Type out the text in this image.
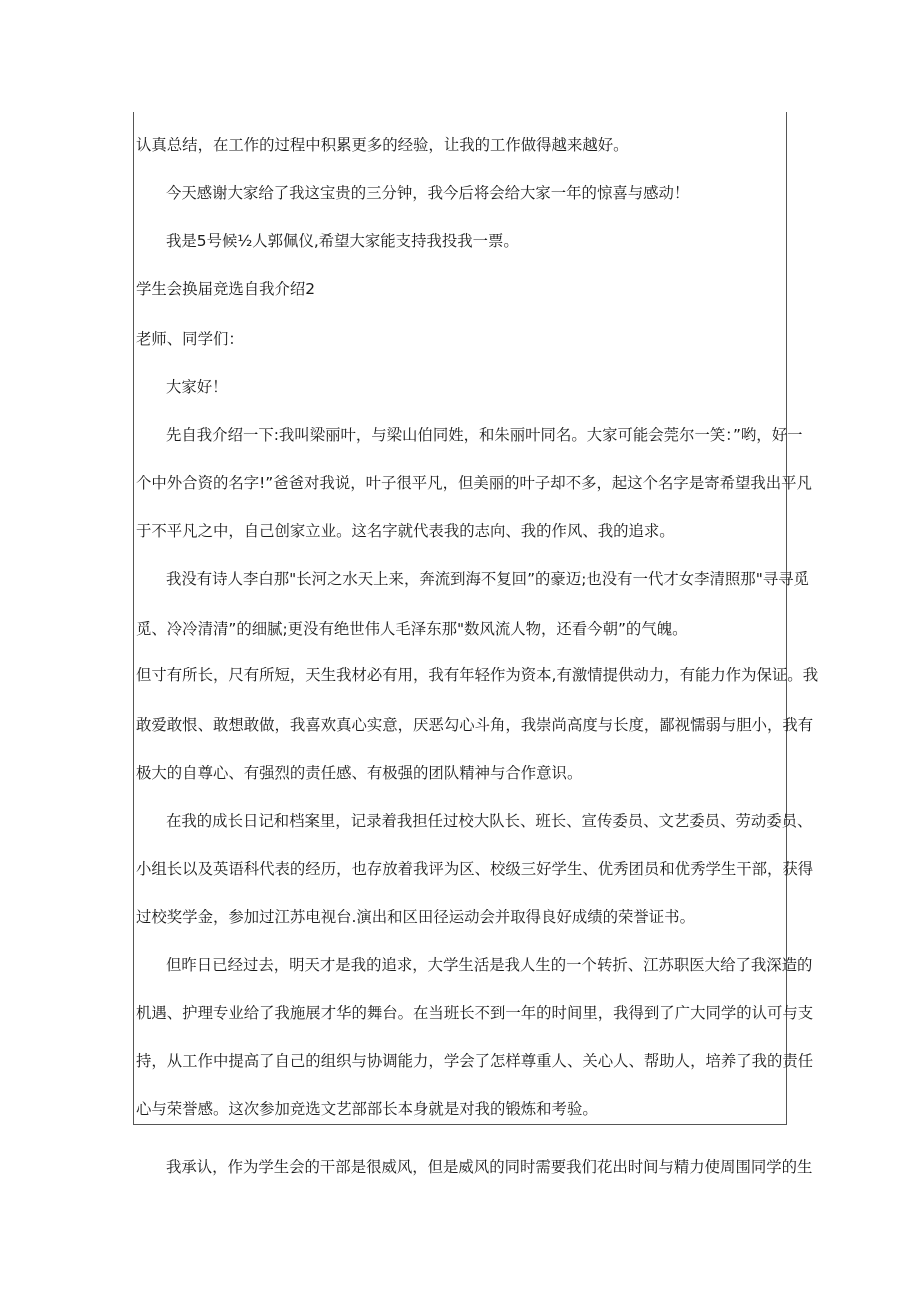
认真总结，在工作的过程中积累更多的经验，让我的工作做得越来越好。
今天感谢大家给了我这宝贵的三分钟，我今后将会给大家一年的惊喜与感动！
我是5号候½人郭佩仪,希望大家能支持我投我一票。
学生会换届竞选自我介绍2
老师、同学们：
大家好！
先自我介绍一下:我叫梁丽叶，与梁山伯同姓，和朱丽叶同名。大家可能会莞尔一笑：”哟，好一
个中外合资的名字!”爸爸对我说，叶子很平凡，但美丽的叶子却不多，起这个名字是寄希望我出平凡
于不平凡之中，自己创家立业。这名字就代表我的志向、我的作风、我的追求。
我没有诗人李白那"长河之水天上来，奔流到海不复回”的豪迈;也没有一代才女李清照那"寻寻觅
觅、冷冷清清”的细腻;更没有绝世伟人毛泽东那"数风流人物，还看今朝”的气魄。
但寸有所长，尺有所短，天生我材必有用，我有年轻作为资本,有激情提供动力，有能力作为保证。我
敢爱敢恨、敢想敢做，我喜欢真心实意，厌恶勾心斗角，我崇尚高度与长度，鄙视懦弱与胆小，我有
极大的自尊心、有强烈的责任感、有极强的团队精神与合作意识。
在我的成长日记和档案里，记录着我担任过校大队长、班长、宣传委员、文艺委员、劳动委员、
小组长以及英语科代表的经历，也存放着我评为区、校级三好学生、优秀团员和优秀学生干部，获得
过校奖学金，参加过江苏电视台.演出和区田径运动会并取得良好成绩的荣誉证书。
但昨日已经过去，明天才是我的追求，大学生活是我人生的一个转折、江苏职医大给了我深造的
机遇、护理专业给了我施展才华的舞台。在当班长不到一年的时间里，我得到了广大同学的认可与支
持，从工作中提高了自己的组织与协调能力，学会了怎样尊重人、关心人、帮助人，培养了我的责任
心与荣誉感。这次参加竞选文艺部部长本身就是对我的锻炼和考验。
我承认，作为学生会的干部是很威风，但是威风的同时需要我们花出时间与精力使周围同学的生
